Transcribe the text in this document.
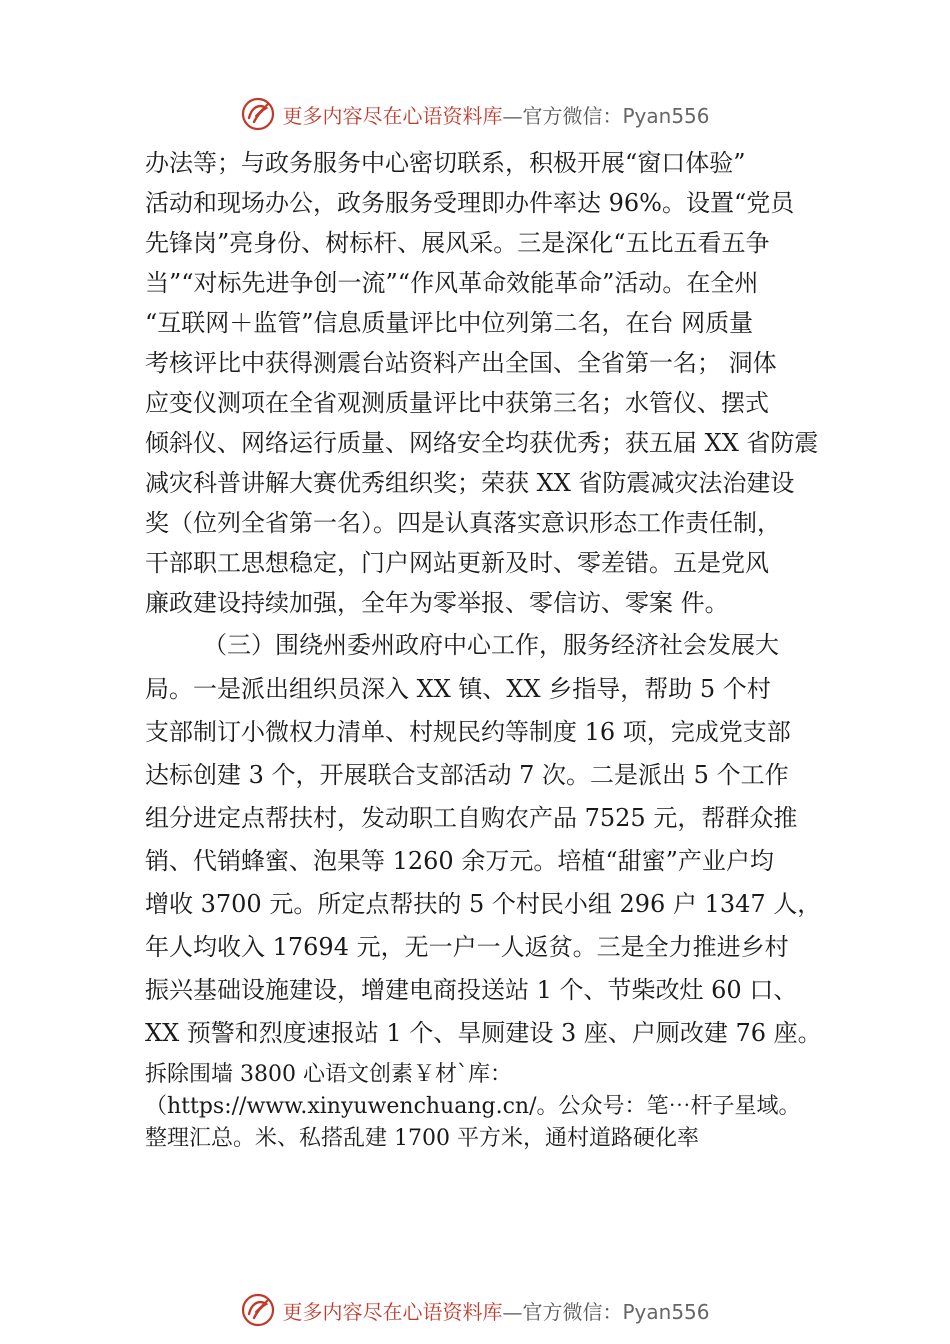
更多内容尽在心语资料库—官方微信：Pyan556
办法等；与政务服务中心密切联系，积极开展“窗口体验”
活动和现场办公，政务服务受理即办件率达 96%。设置“党员
先锋岗”亮身份、树标杆、展风采。三是深化“五比五看五争
当”“对标先进争创一流”“作风革命效能革命”活动。在全州
“互联网＋监管”信息质量评比中位列第二名，在台 网质量
考核评比中获得测震台站资料产出全国、全省第一名； 洞体
应变仪测项在全省观测质量评比中获第三名；水管仪、摆式
倾斜仪、网络运行质量、网络安全均获优秀；获五届 XX 省防震
减灾科普讲解大赛优秀组织奖；荣获 XX 省防震减灾法治建设
奖（位列全省第一名）。四是认真落实意识形态工作责任制，
干部职工思想稳定，门户网站更新及时、零差错。五是党风
廉政建设持续加强，全年为零举报、零信访、零案 件。
（三）围绕州委州政府中心工作，服务经济社会发展大
局。一是派出组织员深入 XX 镇、XX 乡指导，帮助 5 个村
支部制订小微权力清单、村规民约等制度 16 项，完成党支部
达标创建 3 个，开展联合支部活动 7 次。二是派出 5 个工作
组分进定点帮扶村，发动职工自购农产品 7525 元，帮群众推
销、代销蜂蜜、泡果等 1260 余万元。培植“甜蜜”产业户均
增收 3700 元。所定点帮扶的 5 个村民小组 296 户 1347 人，
年人均收入 17694 元，无一户一人返贫。三是全力推进乡村
振兴基础设施建设，增建电商投送站 1 个、节柴改灶 60 口、
XX 预警和烈度速报站 1 个、旱厕建设 3 座、户厕改建 76 座。
拆除围墙 3800 心语文创素￥材`库：
（https://www.xinyuwenchuang.cn/。公众号：笔⋯杆子星域。
整理汇总。米、私搭乱建 1700 平方米，通村道路硬化率
更多内容尽在心语资料库—官方微信：Pyan556
